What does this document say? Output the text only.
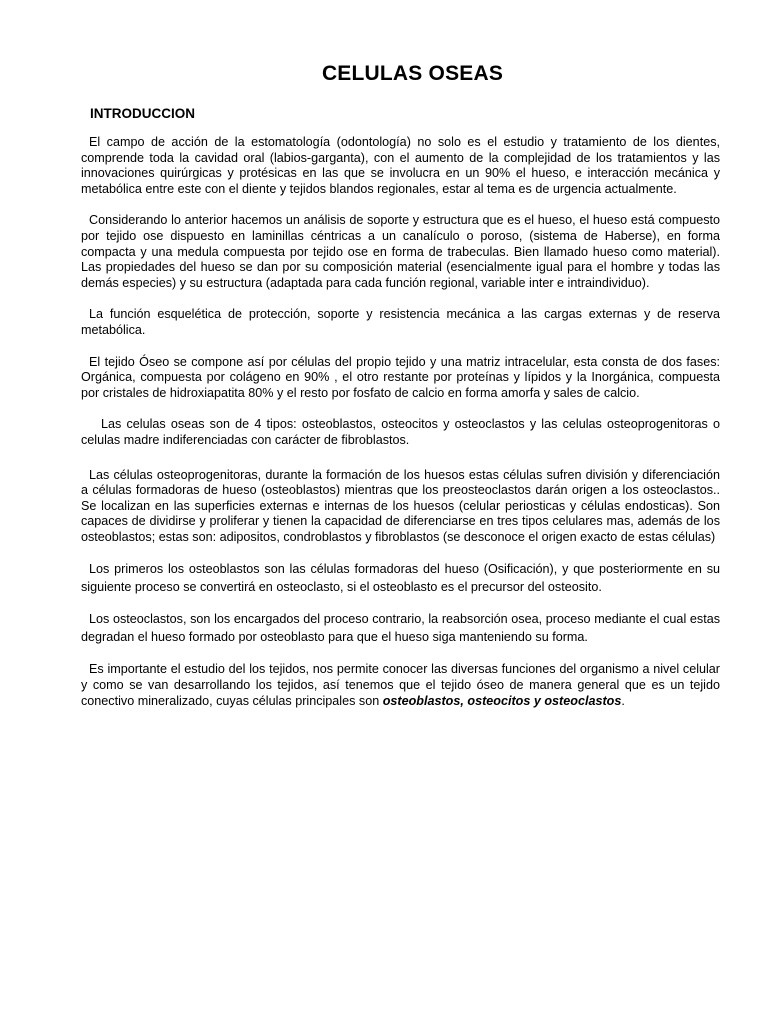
CELULAS OSEAS
INTRODUCCION

El campo de acción de la estomatología (odontología) no solo es el estudio y tratamiento de los dientes, comprende toda la cavidad oral (labios-garganta), con el aumento de la complejidad de los tratamientos y las innovaciones quirúrgicas y protésicas en las que se involucra en un 90% el hueso, e interacción mecánica y metabólica entre este con el diente y tejidos blandos regionales, estar al tema es de urgencia actualmente.

Considerando lo anterior hacemos un análisis de soporte y estructura que es el hueso, el hueso está compuesto por tejido ose dispuesto en laminillas céntricas a un canalículo o poroso, (sistema de Haberse), en forma compacta y una medula compuesta por tejido ose en forma de trabeculas. Bien llamado hueso como material). Las propiedades del hueso se dan por su composición material (esencialmente igual para el hombre y todas las demás especies) y su estructura (adaptada para cada función regional, variable inter e intraindividuo).

La función esquelética de protección, soporte y resistencia mecánica a las cargas externas y de reserva metabólica.

El tejido Óseo se compone así por células del propio tejido y una matriz intracelular, esta consta de dos fases: Orgánica, compuesta por colágeno en 90% , el otro restante por proteínas y lípidos y la Inorgánica, compuesta por cristales de hidroxiapatita 80% y el resto por fosfato de calcio en forma amorfa y sales de calcio.

Las celulas oseas son de 4 tipos: osteoblastos, osteocitos y osteoclastos y las celulas osteoprogenitoras o celulas madre indiferenciadas con carácter de fibroblastos.

Las células osteoprogenitoras, durante la formación de los huesos estas células sufren división y diferenciación a células formadoras de hueso (osteoblastos) mientras que los preosteoclastos darán origen a los osteoclastos.. Se localizan en las superficies externas e internas de los huesos (celular periosticas y células endosticas). Son capaces de dividirse y proliferar y tienen la capacidad de diferenciarse en tres tipos celulares mas, además de los osteoblastos; estas son: adipositos, condroblastos y fibroblastos (se desconoce el origen exacto de estas células)

Los primeros los osteoblastos son las células formadoras del hueso (Osificación), y que posteriormente en su siguiente proceso se convertirá en osteoclasto, si el osteoblasto es el precursor del osteosito.

Los osteoclastos, son los encargados del proceso contrario, la reabsorción osea, proceso mediante el cual estas degradan el hueso formado por osteoblasto para que el hueso siga manteniendo su forma.

Es importante el estudio del los tejidos, nos permite conocer las diversas funciones del organismo a nivel celular y como se van desarrollando los tejidos, así tenemos que el tejido óseo de manera general que es un tejido conectivo mineralizado, cuyas células principales son osteoblastos, osteocitos y osteoclastos.
